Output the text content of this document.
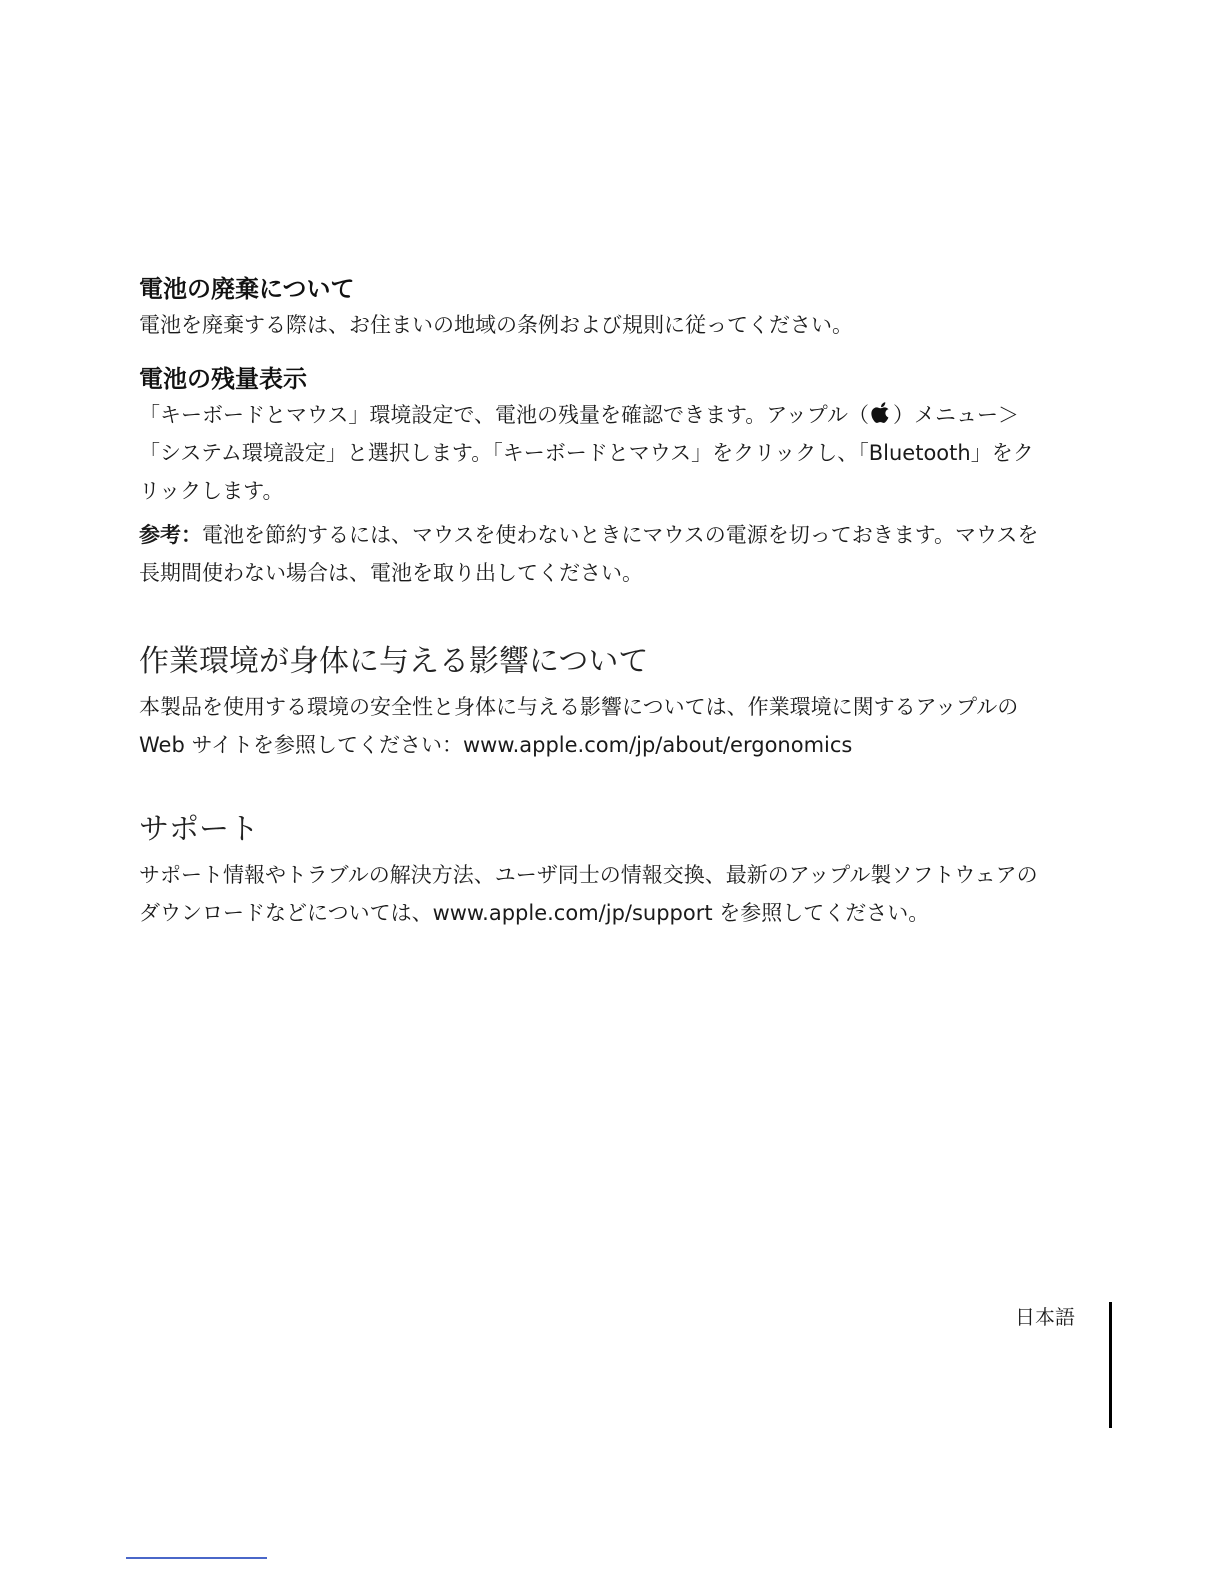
電池の廃棄について

電池を廃棄する際は、お住まいの地域の条例および規則に従ってください。

電池の残量表示

「キーボードとマウス」環境設定で、電池の残量を確認できます。アップル（ ）メニュー＞

「システム環境設定」と選択します。「キーボードとマウス」をクリックし、「Bluetooth」をク

リックします。

参考：電池を節約するには、マウスを使わないときにマウスの電源を切っておきます。マウスを
長期間使わない場合は、電池を取り出してください。

作業環境が身体に与える影響について

本製品を使用する環境の安全性と身体に与える影響については、作業環境に関するアップルの

Web サイトを参照してください：www.apple.com/jp/about/ergonomics

サポート

サポート情報やトラブルの解決方法、ユーザ同士の情報交換、最新のアップル製ソフトウェアの

ダウンロードなどについては、www.apple.com/jp/support を参照してください。

日本語
